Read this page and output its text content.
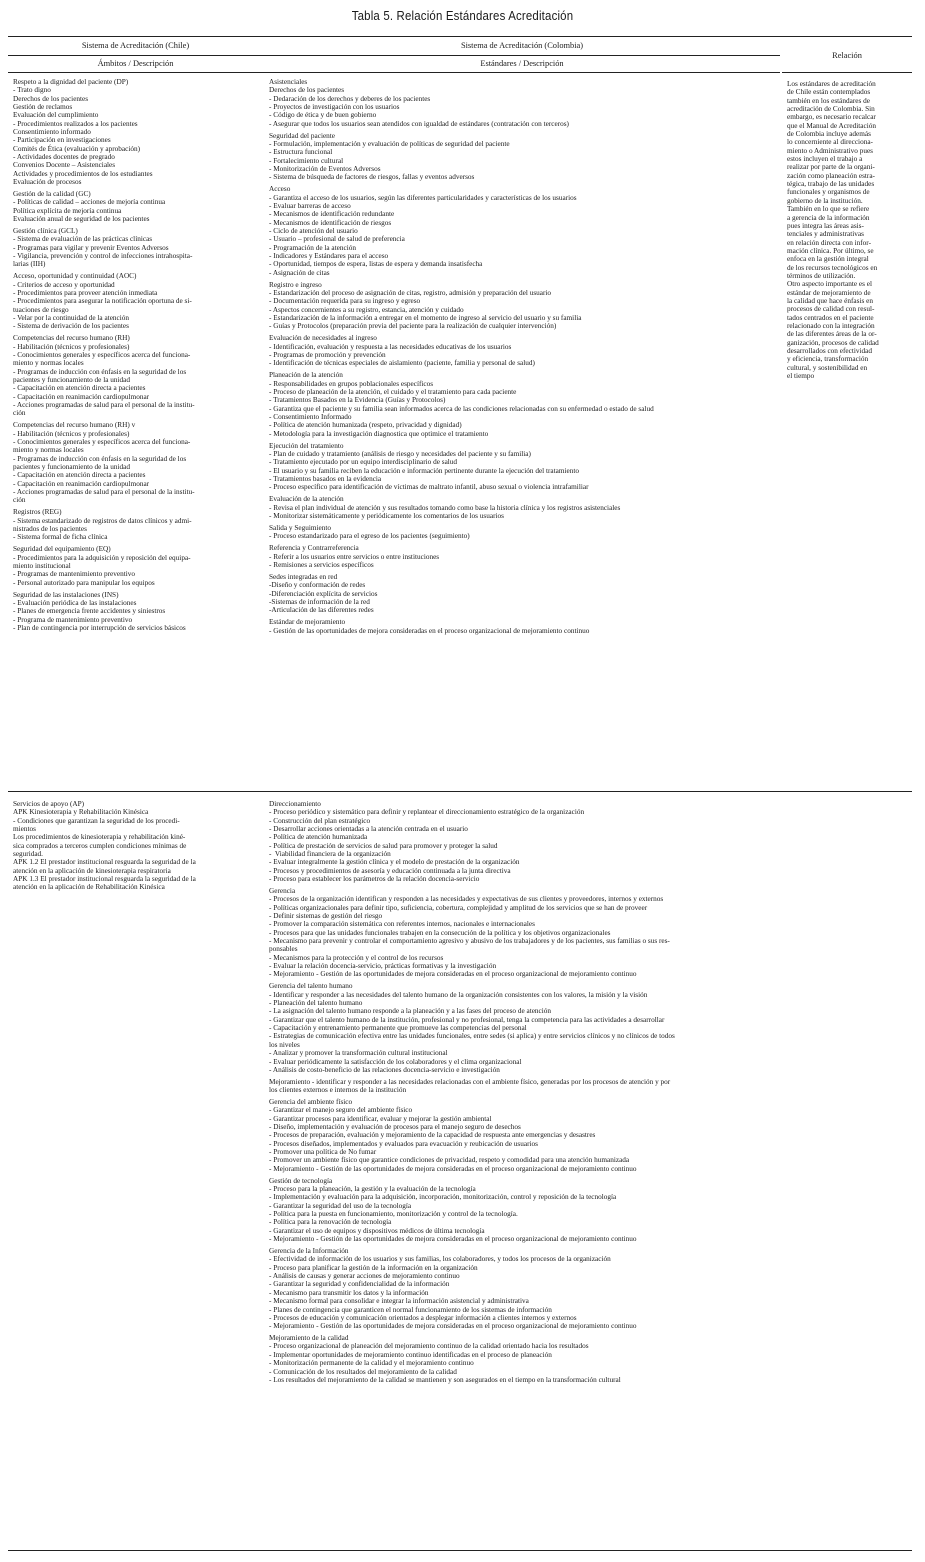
Tabla 5. Relación Estándares Acreditación
Sistema de Acreditación (Chile)
Ámbitos / Descripción
Sistema de Acreditación (Colombia)
Estándares / Descripción
Relación
Respeto a la dignidad del paciente (DP)
- Trato digno
Derechos de los pacientes
Gestión de reclamos
Evaluación del cumplimiento
- Procedimientos realizados a los pacientes
Consentimiento informado
- Participación en investigaciones
Comités de Ética (evaluación y aprobación)
- Actividades docentes de pregrado
Convenios Docente – Asistenciales
Actividades y procedimientos de los estudiantes
Evaluación de procesos
Gestión de la calidad (GC)
- Políticas de calidad – acciones de mejoría continua
Política explícita de mejoría continua
Evaluación anual de seguridad de los pacientes
Gestión clínica (GCL)
- Sistema de evaluación de las prácticas clínicas
- Programas para vigilar y prevenir Eventos Adversos
- Vigilancia, prevención y control de infecciones intrahospita-
larias (IIH)
Acceso, oportunidad y continuidad (AOC)
- Criterios de acceso y oportunidad
- Procedimientos para proveer atención inmediata
- Procedimientos para asegurar la notificación oportuna de si-
tuaciones de riesgo
- Velar por la continuidad de la atención
- Sistema de derivación de los pacientes
Competencias del recurso humano (RH)
- Habilitación (técnicos y profesionales)
- Conocimientos generales y específicos acerca del funciona-
miento y normas locales
- Programas de inducción con énfasis en la seguridad de los
pacientes y funcionamiento de la unidad
- Capacitación en atención directa a pacientes
- Capacitación en reanimación cardiopulmonar
- Acciones programadas de salud para el personal de la institu-
ción
Competencias del recurso humano (RH) v
- Habilitación (técnicos y profesionales)
- Conocimientos generales y específicos acerca del funciona-
miento y normas locales
- Programas de inducción con énfasis en la seguridad de los
pacientes y funcionamiento de la unidad
- Capacitación en atención directa a pacientes
- Capacitación en reanimación cardiopulmonar
- Acciones programadas de salud para el personal de la institu-
ción
Registros (REG)
- Sistema estandarizado de registros de datos clínicos y admi-
nistrados de los pacientes
- Sistema formal de ficha clínica
Seguridad del equipamiento (EQ)
- Procedimientos para la adquisición y reposición del equipa-
miento institucional
- Programas de mantenimiento preventivo
- Personal autorizado para manipular los equipos
Seguridad de las instalaciones (INS)
- Evaluación periódica de las instalaciones
- Planes de emergencia frente accidentes y siniestros
- Programa de mantenimiento preventivo
- Plan de contingencia por interrupción de servicios básicos
Asistenciales
Derechos de los pacientes
- Dedaración de los derechos y deberes de los pacientes
- Proyectos de investigación con los usuarios
- Código de ética y de buen gobierno
- Asegurar que todos los usuarios sean atendidos con igualdad de estándares (contratación con terceros)
Seguridad del paciente
- Formulación, implementación y evaluación de políticas de seguridad del paciente
- Estructura funcional
- Fortalecimiento cultural
- Monitorización de Eventos Adversos
- Sistema de búsqueda de factores de riesgos, fallas y eventos adversos
Acceso
- Garantiza el acceso de los usuarios, según las diferentes particularidades y características de los usuarios
- Evaluar barreras de acceso
- Mecanismos de identificación redundante
- Mecanismos de identificación de riesgos
- Ciclo de atención del usuario
- Usuario – profesional de salud de preferencia
- Programación de la atención
- Indicadores y Estándares para el acceso
- Oportunidad, tiempos de espera, listas de espera y demanda insatisfecha
- Asignación de citas
Registro e ingreso
- Estandarización del proceso de asignación de citas, registro, admisión y preparación del usuario
- Documentación requerida para su ingreso y egreso
- Aspectos concernientes a su registro, estancia, atención y cuidado
- Estandarización de la información a entregar en el momento de ingreso al servicio del usuario y su familia
- Guías y Protocolos (preparación previa del paciente para la realización de cualquier intervención)
Evaluación de necesidades al ingreso
- Identificación, evaluación y respuesta a las necesidades educativas de los usuarios
- Programas de promoción y prevención
- Identificación de técnicas especiales de aislamiento (paciente, familia y personal de salud)
Planeación de la atención
- Responsabilidades en grupos poblacionales específicos
- Proceso de planeación de la atención, el cuidado y el tratamiento para cada paciente
- Tratamientos Basados en la Evidencia (Guías y Protocolos)
- Garantiza que el paciente y su familia sean informados acerca de las condiciones relacionadas con su enfermedad o estado de salud
- Consentimiento Informado
- Política de atención humanizada (respeto, privacidad y dignidad)
- Metodología para la investigación diagnostica que optimice el tratamiento
Ejecución del tratamiento
- Plan de cuidado y tratamiento (análisis de riesgo y necesidades del paciente y su familia)
- Tratamiento ejecutado por un equipo interdisciplinario de salud
- El usuario y su familia reciben la educación e información pertinente durante la ejecución del tratamiento
- Tratamientos basados en la evidencia
- Proceso específico para identificación de víctimas de maltrato infantil, abuso sexual o violencia intrafamiliar
Evaluación de la atención
- Revisa el plan individual de atención y sus resultados tomando como base la historia clínica y los registros asistenciales
- Monitorizar sistemáticamente y periódicamente los comentarios de los usuarios
Salida y Seguimiento
- Proceso estandarizado para el egreso de los pacientes (seguimiento)
Referencia y Contrarreferencia
- Referir a los usuarios entre servicios o entre instituciones
- Remisiones a servicios específicos
Sedes integradas en red
-Diseño y conformación de redes
-Diferenciación explícita de servicios
-Sistemas de información de la red
-Articulación de las diferentes redes
Estándar de mejoramiento
- Gestión de las oportunidades de mejora consideradas en el proceso organizacional de mejoramiento continuo
Los estándares de acreditación
de Chile están contemplados
también en los estándares de
acreditación de Colombia. Sin
embargo, es necesario recalcar
que el Manual de Acreditación
de Colombia incluye además
lo concerniente al direcciona-
miento o Administrativo pues
estos incluyen el trabajo a
realizar por parte de la organi-
zación como planeación estra-
tégica, trabajo de las unidades
funcionales y organismos de
gobierno de la institución.
También en lo que se refiere
a gerencia de la información
pues integra las áreas asis-
tenciales y administrativas
en relación directa con infor-
mación clínica. Por último, se
enfoca en la gestión integral
de los recursos tecnológicos en
términos de utilización.
Otro aspecto importante es el
estándar de mejoramiento de
la calidad que hace énfasis en
procesos de calidad con resul-
tados centrados en el paciente
relacionado con la integración
de las diferentes áreas de la or-
ganización, procesos de calidad
desarrollados con efectividad
y eficiencia, transformación
cultural, y sostenibilidad en
el tiempo
Servicios de apoyo (AP)
APK Kinesioterapia y Rehabilitación Kinésica
- Condiciones que garantizan la seguridad de los procedi-
mientos
Los procedimientos de kinesioterapia y rehabilitación kiné-
sica comprados a terceros cumplen condiciones mínimas de
seguridad.
APK 1.2 El prestador institucional resguarda la seguridad de la
atención en la aplicación de kinesioterapia respiratoria
APK 1.3 El prestador institucional resguarda la seguridad de la
atención en la aplicación de Rehabilitación Kinésica
Direccionamiento
- Proceso periódico y sistemático para definir y replantear el direccionamiento estratégico de la organización
- Construcción del plan estratégico
- Desarrollar acciones orientadas a la atención centrada en el usuario
- Política de atención humanizada
- Política de prestación de servicios de salud para promover y proteger la salud
-  Viabilidad financiera de la organización
- Evaluar integralmente la gestión clínica y el modelo de prestación de la organización
- Procesos y procedimientos de asesoría y educación continuada a la junta directiva
- Proceso para establecer los parámetros de la relación docencia-servicio
Gerencia
- Procesos de la organización identifican y responden a las necesidades y expectativas de sus clientes y proveedores, internos y externos
- Políticas organizacionales para definir tipo, suficiencia, cobertura, complejidad y amplitud de los servicios que se han de proveer
- Definir sistemas de gestión del riesgo
- Promover la comparación sistemática con referentes internos, nacionales e internacionales
- Procesos para que las unidades funcionales trabajen en la consecución de la política y los objetivos organizacionales
- Mecanismo para prevenir y controlar el comportamiento agresivo y abusivo de los trabajadores y de los pacientes, sus familias o sus res-
ponsables
- Mecanismos para la protección y el control de los recursos
- Evaluar la relación docencia-servicio, prácticas formativas y la investigación
- Mejoramiento - Gestión de las oportunidades de mejora consideradas en el proceso organizacional de mejoramiento continuo
Gerencia del talento humano
- Identificar y responder a las necesidades del talento humano de la organización consistentes con los valores, la misión y la visión
- Planeación del talento humano
- La asignación del talento humano responde a la planeación y a las fases del proceso de atención
- Garantizar que el talento humano de la institución, profesional y no profesional, tenga la competencia para las actividades a desarrollar
- Capacitación y entrenamiento permanente que promueve las competencias del personal
- Estrategias de comunicación efectiva entre las unidades funcionales, entre sedes (si aplica) y entre servicios clínicos y no clínicos de todos
los niveles
- Analizar y promover la transformación cultural institucional
- Evaluar periódicamente la satisfacción de los colaboradores y el clima organizacional
- Análisis de costo-beneficio de las relaciones docencia-servicio e investigación
Mejoramiento - identificar y responder a las necesidades relacionadas con el ambiente físico, generadas por los procesos de atención y por
los clientes externos e internos de la institución
Gerencia del ambiente físico
- Garantizar el manejo seguro del ambiente físico
- Garantizar procesos para identificar, evaluar y mejorar la gestión ambiental
- Diseño, implementación y evaluación de procesos para el manejo seguro de desechos
- Procesos de preparación, evaluación y mejoramiento de la capacidad de respuesta ante emergencias y desastres
- Procesos diseñados, implementados y evaluados para evacuación y reubicación de usuarios
- Promover una política de No fumar
- Promover un ambiente físico que garantice condiciones de privacidad, respeto y comodidad para una atención humanizada
- Mejoramiento - Gestión de las oportunidades de mejora consideradas en el proceso organizacional de mejoramiento continuo
Gestión de tecnología
- Proceso para la planeación, la gestión y la evaluación de la tecnología
- Implementación y evaluación para la adquisición, incorporación, monitorización, control y reposición de la tecnología
- Garantizar la seguridad del uso de la tecnología
- Política para la puesta en funcionamiento, monitorización y control de la tecnología.
- Política para la renovación de tecnología
- Garantizar el uso de equipos y dispositivos médicos de última tecnología
- Mejoramiento - Gestión de las oportunidades de mejora consideradas en el proceso organizacional de mejoramiento continuo
Gerencia de la Información
- Efectividad de información de los usuarios y sus familias, los colaboradores, y todos los procesos de la organización
- Proceso para planificar la gestión de la información en la organización
- Análisis de causas y generar acciones de mejoramiento continuo
- Garantizar la seguridad y confidencialidad de la información
- Mecanismo para transmitir los datos y la información
- Mecanismo formal para consolidar e integrar la información asistencial y administrativa
- Planes de contingencia que garanticen el normal funcionamiento de los sistemas de información
- Procesos de educación y comunicación orientados a desplegar información a clientes internos y externos
- Mejoramiento - Gestión de las oportunidades de mejora consideradas en el proceso organizacional de mejoramiento continuo
Mejoramiento de la calidad
- Proceso organizacional de planeación del mejoramiento continuo de la calidad orientado hacia los resultados
- Implementar oportunidades de mejoramiento continuo identificadas en el proceso de planeación
- Monitorización permanente de la calidad y el mejoramiento continuo
- Comunicación de los resultados del mejoramiento de la calidad
- Los resultados del mejoramiento de la calidad se mantienen y son asegurados en el tiempo en la transformación cultural
